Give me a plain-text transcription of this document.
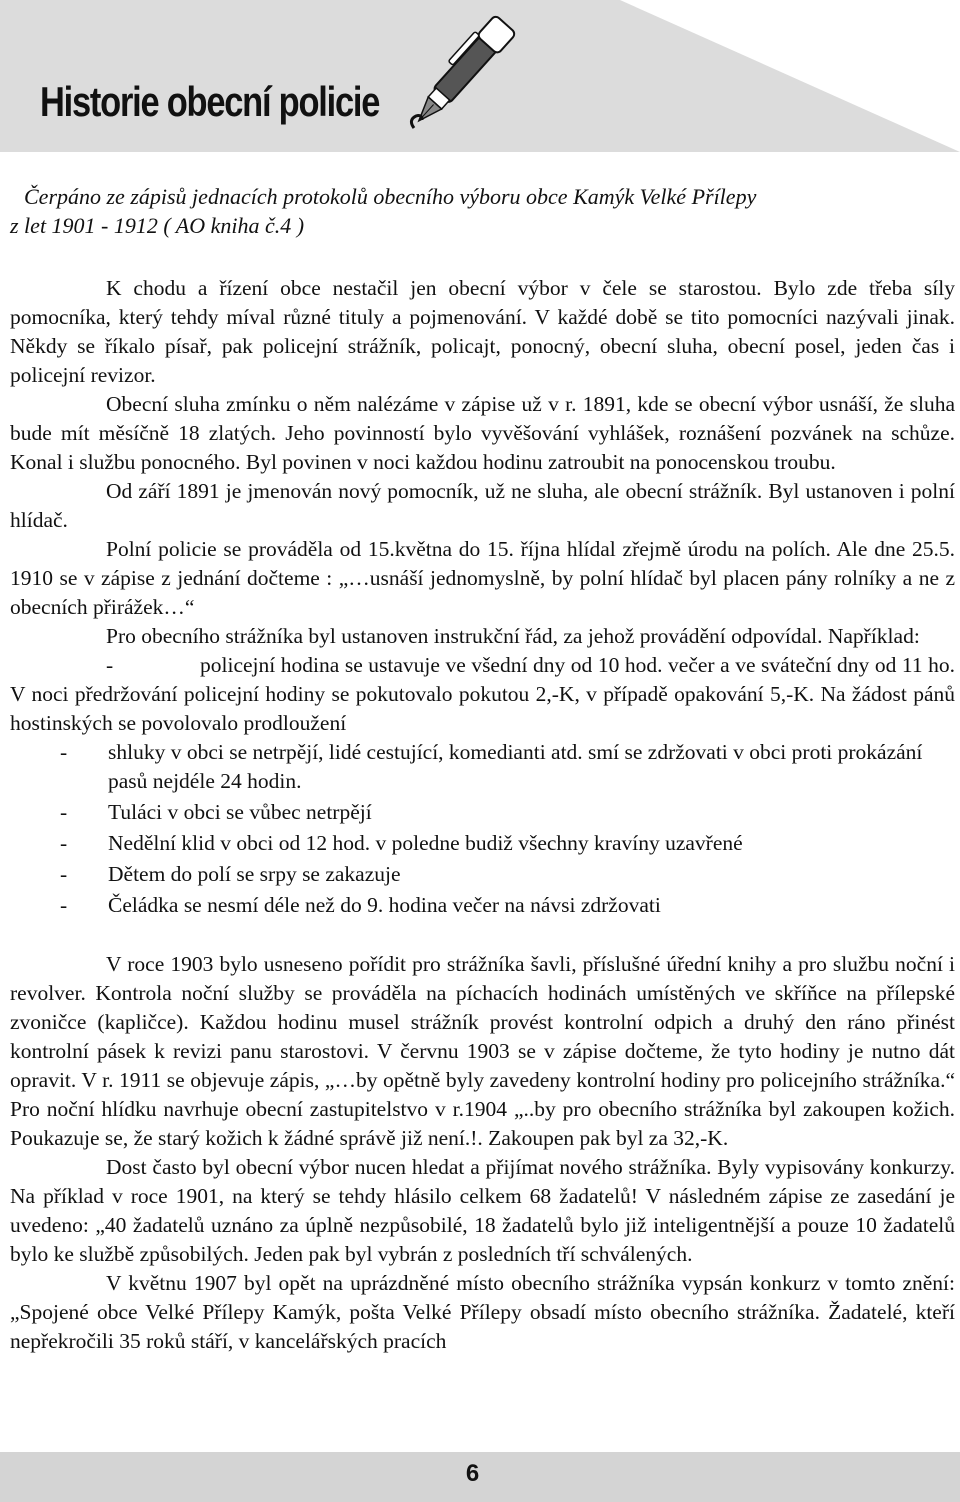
Historie obecní policie
Čerpáno ze zápisů jednacích protokolů obecního výboru obce Kamýk Velké Přílepy
z let 1901 - 1912 ( AO kniha č.4 )

K chodu a řízení obce nestačil jen obecní výbor v čele se starostou. Bylo zde třeba síly pomocníka, který tehdy míval různé tituly a pojmenování. V každé době se tito pomocníci nazývali jinak. Někdy se říkalo písař, pak policejní strážník, policajt, ponocný, obecní sluha, obecní posel, jeden čas i policejní revizor.

Obecní sluha zmínku o něm nalézáme v zápise už v r. 1891, kde se obecní výbor usnáší, že sluha bude mít měsíčně 18 zlatých. Jeho povinností bylo vyvěšování vyhlášek, roznášení pozvánek na schůze. Konal i službu ponocného. Byl povinen v noci každou hodinu zatroubit na ponocenskou troubu.

Od září 1891 je jmenován nový pomocník, už ne sluha, ale obecní strážník. Byl ustanoven i polní hlídač.

Polní policie se prováděla od 15.května do 15. října hlídal zřejmě úrodu na polích. Ale dne 25.5. 1910 se v zápise z jednání dočteme : „…usnáší jednomyslně, by polní hlídač byl placen pány rolníky a ne z obecních přirážek…“

Pro obecního strážníka byl ustanoven instrukční řád, za jehož provádění odpovídal. Například:

-	policejní hodina se ustavuje ve všední dny od 10 hod. večer a ve sváteční dny od 11 ho. V noci předržování policejní hodiny se pokutovalo pokutou 2,-K, v případě opakování 5,-K. Na žádost pánů hostinských se povolovalo prodloužení
- shluky v obci se netrpějí, lidé cestující, komedianti atd. smí se zdržovati v obci proti prokázání pasů nejdéle 24 hodin.
- Tuláci v obci se vůbec netrpějí
- Nedělní klid v obci od 12 hod. v poledne budiž všechny kravíny uzavřené
- Dětem do polí se srpy se zakazuje
- Čeládka se nesmí déle než do 9. hodina večer na návsi zdržovati

V roce 1903 bylo usneseno pořídit pro strážníka šavli, příslušné úřední knihy a pro službu noční i revolver. Kontrola noční služby se prováděla na píchacích hodinách umístěných ve skříňce na přílepské zvoničce (kapličce). Každou hodinu musel strážník provést kontrolní odpich a druhý den ráno přinést kontrolní pásek k revizi panu starostovi. V červnu 1903 se v zápise dočteme, že tyto hodiny je nutno dát opravit. V r. 1911 se objevuje zápis, „…by opětně byly zavedeny kontrolní hodiny pro policejního strážníka.“ Pro noční hlídku navrhuje obecní zastupitelstvo v r.1904 „..by pro obecního strážníka byl zakoupen kožich. Poukazuje se, že starý kožich k žádné správě již není.!. Zakoupen pak byl za 32,-K.

Dost často byl obecní výbor nucen hledat a přijímat nového strážníka. Byly vypisovány konkurzy. Na příklad v roce 1901, na který se tehdy hlásilo celkem 68 žadatelů! V následném zápise ze zasedání je uvedeno: „40 žadatelů uznáno za úplně nezpůsobilé, 18 žadatelů bylo již inteligentnější a pouze 10 žadatelů bylo ke službě způsobilých. Jeden pak byl vybrán z posledních tří schválených.

V květnu 1907 byl opět na uprázdněné místo obecního strážníka vypsán konkurz v tomto znění: „Spojené obce Velké Přílepy Kamýk, pošta Velké Přílepy obsadí místo obecního strážníka. Žadatelé, kteří nepřekročili 35 roků stáří, v kancelářských pracích

6
